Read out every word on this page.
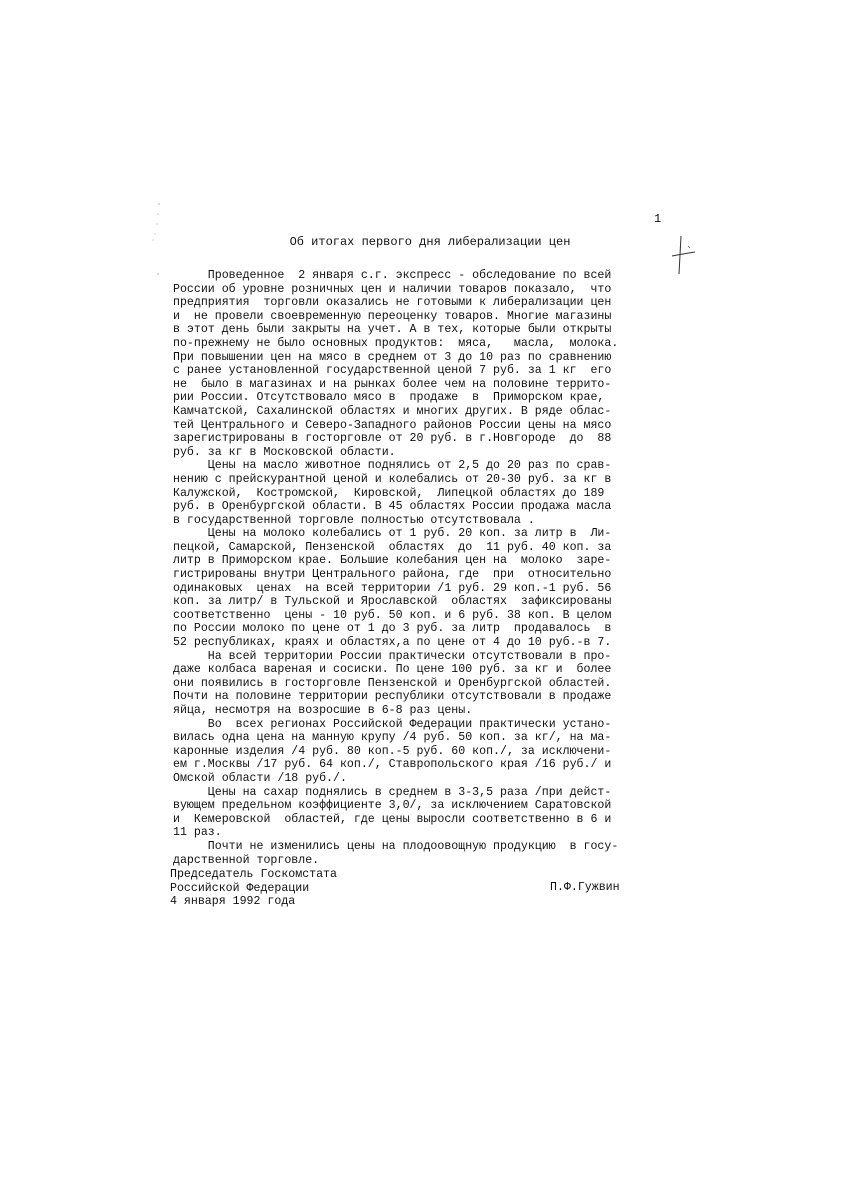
1
Об итогах первого дня либерализации цен
Проведенное  2 января с.г. экспресс - обследование по всей
России об уровне розничных цен и наличии товаров показало,  что
предприятия  торговли оказались не готовыми к либерализации цен
и  не провели своевременную переоценку товаров. Многие магазины
в этот день были закрыты на учет. А в тех, которые были открыты
по-прежнему не было основных продуктов:  мяса,   масла,  молока.
При повышении цен на мясо в среднем от 3 до 10 раз по сравнению
с ранее установленной государственной ценой 7 руб. за 1 кг  его
не  было в магазинах и на рынках более чем на половине террито-
рии России. Отсутствовало мясо в  продаже  в  Приморском крае,
Камчатской, Сахалинской областях и многих других. В ряде облас-
тей Центрального и Северо-Западного районов России цены на мясо
зарегистрированы в госторговле от 20 руб. в г.Новгороде  до  88
руб. за кг в Московской области.
Цены на масло животное поднялись от 2,5 до 20 раз по срав-
нению с прейскурантной ценой и колебались от 20-30 руб. за кг в
Калужской,  Костромской,  Кировской,  Липецкой областях до 189
руб. в Оренбургской области. В 45 областях России продажа масла
в государственной торговле полностью отсутствовала .
Цены на молоко колебались от 1 руб. 20 коп. за литр в  Ли-
пецкой, Самарской, Пензенской  областях  до  11 руб. 40 коп. за
литр в Приморском крае. Большие колебания цен на  молоко  заре-
гистрированы внутри Центрального района, где  при  относительно
одинаковых  ценах  на всей территории /1 руб. 29 коп.-1 руб. 56
коп. за литр/ в Тульской и Ярославской  областях  зафиксированы
соответственно  цены - 10 руб. 50 коп. и 6 руб. 38 коп. В целом
по России молоко по цене от 1 до 3 руб. за литр  продавалось  в
52 республиках, краях и областях,а по цене от 4 до 10 руб.-в 7.
На всей территории России практически отсутствовали в про-
даже колбаса вареная и сосиски. По цене 100 руб. за кг и  более
они появились в госторговле Пензенской и Оренбургской областей.
Почти на половине территории республики отсутствовали в продаже
яйца, несмотря на возросшие в 6-8 раз цены.
Во  всех регионах Российской Федерации практически устано-
вилась одна цена на манную крупу /4 руб. 50 коп. за кг/, на ма-
каронные изделия /4 руб. 80 коп.-5 руб. 60 коп./, за исключени-
ем г.Москвы /17 руб. 64 коп./, Ставропольского края /16 руб./ и
Омской области /18 руб./.
Цены на сахар поднялись в среднем в 3-3,5 раза /при дейст-
вующем предельном коэффициенте 3,0/, за исключением Саратовской
и  Кемеровской  областей, где цены выросли соответственно в 6 и
11 раз.
Почти не изменились цены на плодоовощную продукцию  в госу-
дарственной торговле.
Председатель Госкомстата
Российской Федерации
4 января 1992 года
П.Ф.Гужвин
